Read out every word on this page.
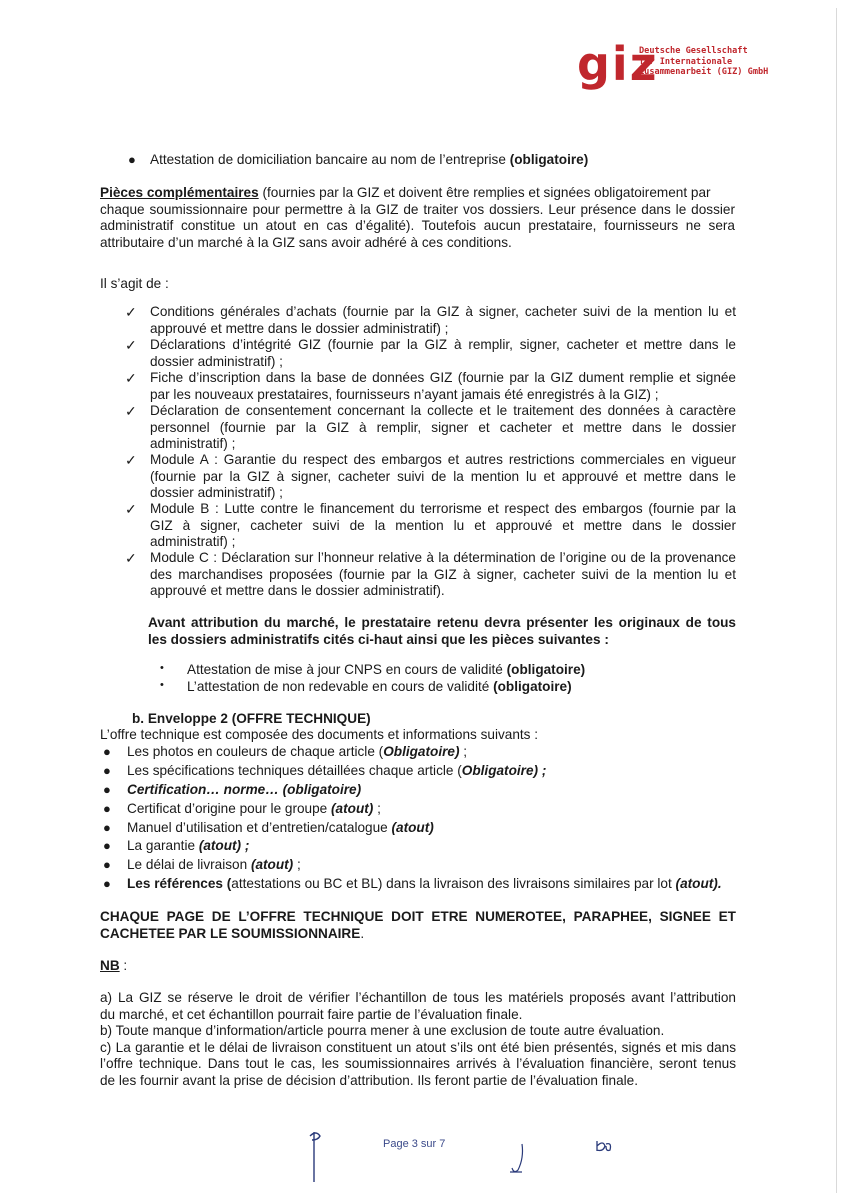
giz
Deutsche Gesellschaft
für Internationale
Zusammenarbeit (GIZ) GmbH
● Attestation de domiciliation bancaire au nom de l’entreprise (obligatoire)
Pièces complémentaires (fournies par la GIZ et doivent être remplies et signées obligatoirement par
chaque soumissionnaire pour permettre à la GIZ de traiter vos dossiers. Leur présence dans le dossier
administratif constitue un atout en cas d’égalité). Toutefois aucun prestataire, fournisseurs ne sera
attributaire d’un marché à la GIZ sans avoir adhéré à ces conditions.
Il s’agit de :
✓ Conditions générales d’achats (fournie par la GIZ à signer, cacheter suivi de la mention lu et
approuvé et mettre dans le dossier administratif) ;
✓ Déclarations d’intégrité GIZ (fournie par la GIZ à remplir, signer, cacheter et mettre dans le
dossier administratif) ;
✓ Fiche d’inscription dans la base de données GIZ (fournie par la GIZ dument remplie et signée
par les nouveaux prestataires, fournisseurs n’ayant jamais été enregistrés à la GIZ) ;
✓ Déclaration de consentement concernant la collecte et le traitement des données à caractère
personnel (fournie par la GIZ à remplir, signer et cacheter et mettre dans le dossier
administratif) ;
✓ Module A : Garantie du respect des embargos et autres restrictions commerciales en vigueur
(fournie par la GIZ à signer, cacheter suivi de la mention lu et approuvé et mettre dans le
dossier administratif) ;
✓ Module B : Lutte contre le financement du terrorisme et respect des embargos (fournie par la
GIZ à signer, cacheter suivi de la mention lu et approuvé et mettre dans le dossier
administratif) ;
✓ Module C : Déclaration sur l’honneur relative à la détermination de l’origine ou de la provenance
des marchandises proposées (fournie par la GIZ à signer, cacheter suivi de la mention lu et
approuvé et mettre dans le dossier administratif).
Avant attribution du marché, le prestataire retenu devra présenter les originaux de tous
les dossiers administratifs cités ci-haut ainsi que les pièces suivantes :
• Attestation de mise à jour CNPS en cours de validité (obligatoire)
• L’attestation de non redevable en cours de validité (obligatoire)
b. Enveloppe 2 (OFFRE TECHNIQUE)
L’offre technique est composée des documents et informations suivants :
● Les photos en couleurs de chaque article (Obligatoire) ;
● Les spécifications techniques détaillées chaque article (Obligatoire) ;
● Certification… norme… (obligatoire)
● Certificat d’origine pour le groupe (atout) ;
● Manuel d’utilisation et d’entretien/catalogue (atout)
● La garantie (atout) ;
● Le délai de livraison (atout) ;
● Les références (attestations ou BC et BL) dans la livraison des livraisons similaires par lot (atout).
CHAQUE PAGE DE L’OFFRE TECHNIQUE DOIT ETRE NUMEROTEE, PARAPHEE, SIGNEE ET
CACHETEE PAR LE SOUMISSIONNAIRE.
NB :
a) La GIZ se réserve le droit de vérifier l’échantillon de tous les matériels proposés avant l’attribution
du marché, et cet échantillon pourrait faire partie de l’évaluation finale.
b) Toute manque d’information/article pourra mener à une exclusion de toute autre évaluation.
c) La garantie et le délai de livraison constituent un atout s’ils ont été bien présentés, signés et mis dans
l’offre technique. Dans tout le cas, les soumissionnaires arrivés à l’évaluation financière, seront tenus
de les fournir avant la prise de décision d’attribution. Ils feront partie de l’évaluation finale.
Page 3 sur 7
